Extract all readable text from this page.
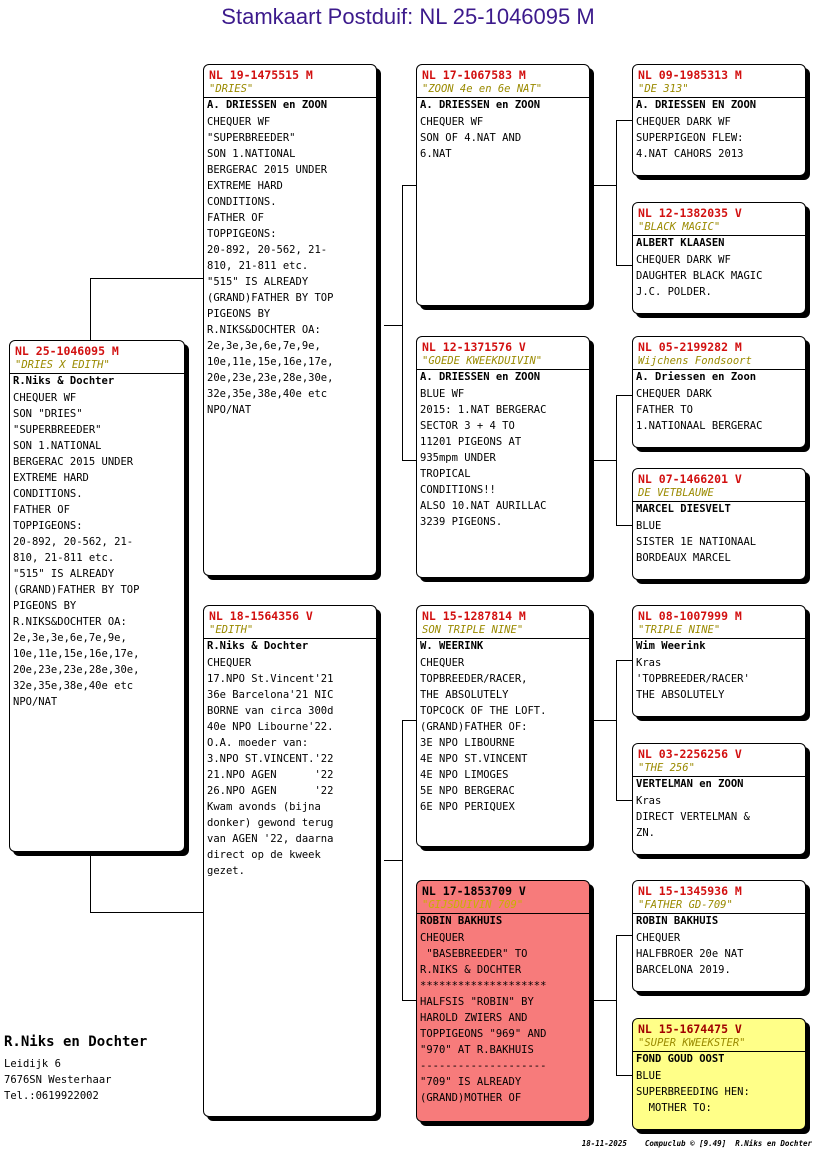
Stamkaart Postduif: NL 25-1046095 M
NL 25-1046095 M
"DRIES X EDITH"
R.Niks & Dochter
CHEQUER WF
SON "DRIES"
"SUPERBREEDER"
SON 1.NATIONAL
BERGERAC 2015 UNDER
EXTREME HARD
CONDITIONS.
FATHER OF
TOPPIGEONS:
20-892, 20-562, 21-
810, 21-811 etc.
"515" IS ALREADY
(GRAND)FATHER BY TOP
PIGEONS BY
R.NIKS&DOCHTER OA:
2e,3e,3e,6e,7e,9e,
10e,11e,15e,16e,17e,
20e,23e,23e,28e,30e,
32e,35e,38e,40e etc
NPO/NAT
NL 19-1475515 M
"DRIES"
A. DRIESSEN en ZOON
CHEQUER WF
"SUPERBREEDER"
SON 1.NATIONAL
BERGERAC 2015 UNDER
EXTREME HARD
CONDITIONS.
FATHER OF
TOPPIGEONS:
20-892, 20-562, 21-
810, 21-811 etc.
"515" IS ALREADY
(GRAND)FATHER BY TOP
PIGEONS BY
R.NIKS&DOCHTER OA:
2e,3e,3e,6e,7e,9e,
10e,11e,15e,16e,17e,
20e,23e,23e,28e,30e,
32e,35e,38e,40e etc
NPO/NAT
NL 18-1564356 V
"EDITH"
R.Niks & Dochter
CHEQUER
17.NPO St.Vincent'21
36e Barcelona'21 NIC
BORNE van circa 300d
40e NPO Libourne'22.
O.A. moeder van:
3.NPO ST.VINCENT.'22
21.NPO AGEN      '22
26.NPO AGEN      '22
Kwam avonds (bijna
donker) gewond terug
van AGEN '22, daarna
direct op de kweek
gezet.
NL 17-1067583 M
"ZOON 4e en 6e NAT"
A. DRIESSEN en ZOON
CHEQUER WF
SON OF 4.NAT AND
6.NAT
NL 12-1371576 V
"GOEDE KWEEKDUIVIN"
A. DRIESSEN en ZOON
BLUE WF
2015: 1.NAT BERGERAC
SECTOR 3 + 4 TO
11201 PIGEONS AT
935mpm UNDER
TROPICAL
CONDITIONS!!
ALSO 10.NAT AURILLAC
3239 PIGEONS.
NL 15-1287814 M
SON TRIPLE NINE"
W. WEERINK
CHEQUER
TOPBREEDER/RACER,
THE ABSOLUTELY
TOPCOCK OF THE LOFT.
(GRAND)FATHER OF:
3E NPO LIBOURNE
4E NPO ST.VINCENT
4E NPO LIMOGES
5E NPO BERGERAC
6E NPO PERIQUEX
NL 17-1853709 V
"GIJSDUIVIN 709"
ROBIN BAKHUIS
CHEQUER
"BASEBREEDER" TO
R.NIKS & DOCHTER
********************
HALFSIS "ROBIN" BY
HAROLD ZWIERS AND
TOPPIGEONS "969" AND
"970" AT R.BAKHUIS
--------------------
"709" IS ALREADY
(GRAND)MOTHER OF
NL 09-1985313 M
"DE 313"
A. DRIESSEN EN ZOON
CHEQUER DARK WF
SUPERPIGEON FLEW:
4.NAT CAHORS 2013
NL 12-1382035 V
"BLACK MAGIC"
ALBERT KLAASEN
CHEQUER DARK WF
DAUGHTER BLACK MAGIC
J.C. POLDER.
NL 05-2199282 M
Wijchens Fondsoort
A. Driessen en Zoon
CHEQUER DARK
FATHER TO
1.NATIONAAL BERGERAC
NL 07-1466201 V
DE VETBLAUWE
MARCEL DIESVELT
BLUE
SISTER 1E NATIONAAL
BORDEAUX MARCEL
NL 08-1007999 M
"TRIPLE NINE"
Wim Weerink
Kras
'TOPBREEDER/RACER'
THE ABSOLUTELY
NL 03-2256256 V
"THE 256"
VERTELMAN en ZOON
Kras
DIRECT VERTELMAN &
ZN.
NL 15-1345936 M
"FATHER GD-709"
ROBIN BAKHUIS
CHEQUER
HALFBROER 20e NAT
BARCELONA 2019.
NL 15-1674475 V
"SUPER KWEEKSTER"
FOND GOUD OOST
BLUE
SUPERBREEDING HEN:
MOTHER TO:
R.Niks en Dochter
Leidijk 6
7676SN Westerhaar
Tel.:0619922002
18-11-2025    Compuclub © [9.49]  R.Niks en Dochter
